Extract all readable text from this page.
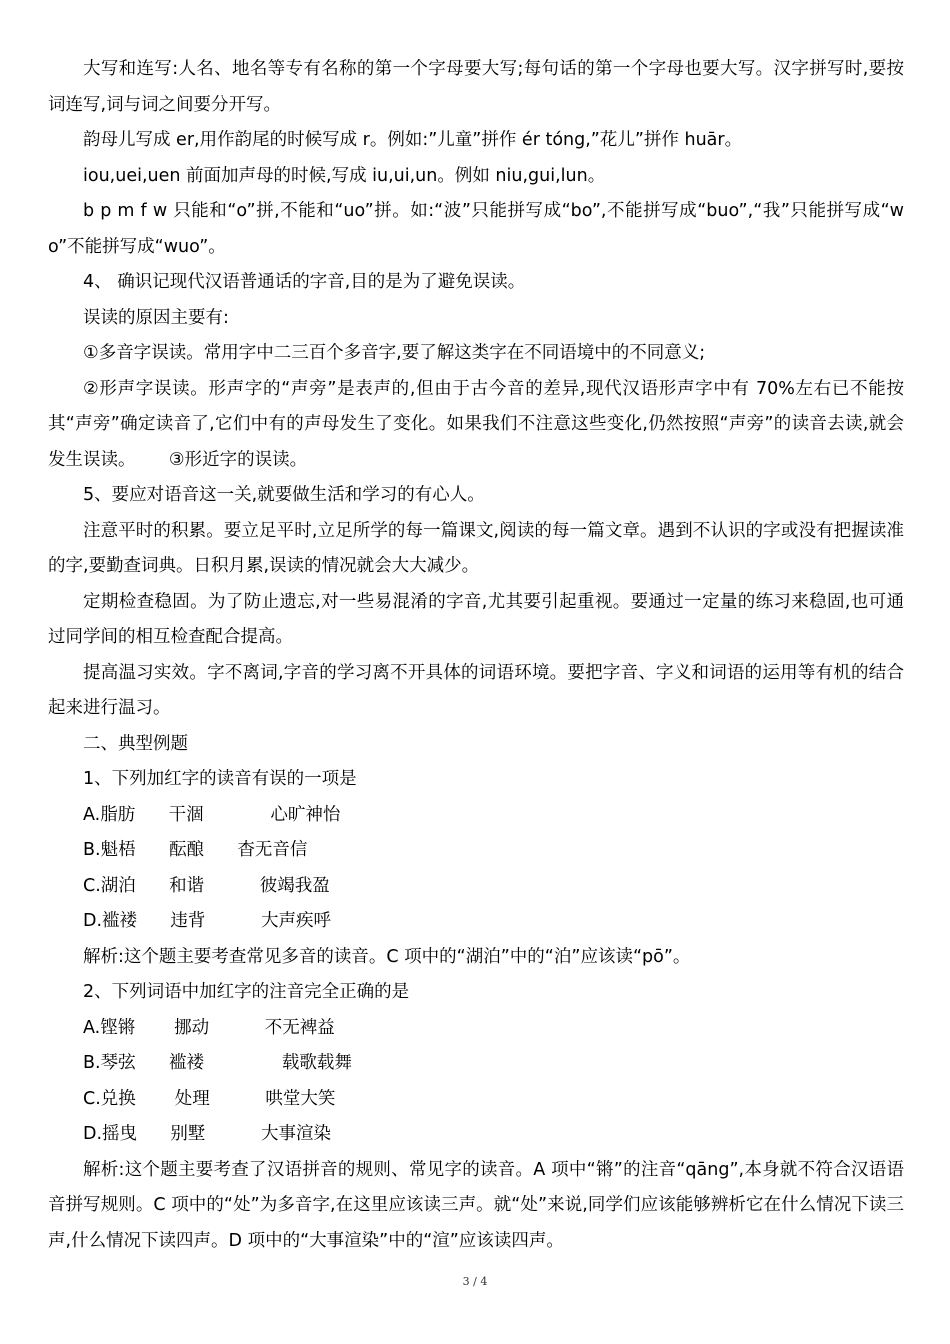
大写和连写:人名、地名等专有名称的第一个字母要大写;每句话的第一个字母也要大写。汉字拼写时,要按词连写,词与词之间要分开写。

韵母儿写成 er,用作韵尾的时候写成 r。例如:”儿童”拼作 ér tóng,”花儿”拼作 huār。

iou,uei,uen 前面加声母的时候,写成 iu,ui,un。例如 niu,gui,lun。

b p m f w 只能和“o”拼,不能和“uo”拼。如:“波”只能拼写成“bo”,不能拼写成“buo”,“我”只能拼写成“wo”不能拼写成“wuo”。

4、 确识记现代汉语普通话的字音,目的是为了避免误读。

误读的原因主要有:

①多音字误读。常用字中二三百个多音字,要了解这类字在不同语境中的不同意义;

②形声字误读。形声字的“声旁”是表声的,但由于古今音的差异,现代汉语形声字中有 70%左右已不能按其“声旁”确定读音了,它们中有的声母发生了变化。如果我们不注意这些变化,仍然按照“声旁”的读音去读,就会发生误读。      ③形近字的误读。

5、要应对语音这一关,就要做生活和学习的有心人。

注意平时的积累。要立足平时,立足所学的每一篇课文,阅读的每一篇文章。遇到不认识的字或没有把握读准的字,要勤查词典。日积月累,误读的情况就会大大减少。

定期检查稳固。为了防止遗忘,对一些易混淆的字音,尤其要引起重视。要通过一定量的练习来稳固,也可通过同学间的相互检查配合提高。

提高温习实效。字不离词,字音的学习离不开具体的词语环境。要把字音、字义和词语的运用等有机的结合起来进行温习。

二、典型例题

1、下列加红字的读音有误的一项是

A.脂肪      干涸            心旷神怡

B.魁梧      酝酿      杳无音信

C.湖泊      和谐          彼竭我盈

D.褴褛      违背          大声疾呼

解析:这个题主要考查常见多音的读音。C 项中的“湖泊”中的“泊”应该读“pō”。

2、下列词语中加红字的注音完全正确的是

A.铿锵       挪动          不无裨益

B.琴弦      褴褛              载歌载舞

C.兑换       处理          哄堂大笑

D.摇曳      别墅          大事渲染

解析:这个题主要考查了汉语拼音的规则、常见字的读音。A 项中“锵”的注音“qāng”,本身就不符合汉语语音拼写规则。C 项中的“处”为多音字,在这里应该读三声。就“处”来说,同学们应该能够辨析它在什么情况下读三声,什么情况下读四声。D 项中的“大事渲染”中的“渲”应该读四声。

3 / 4
